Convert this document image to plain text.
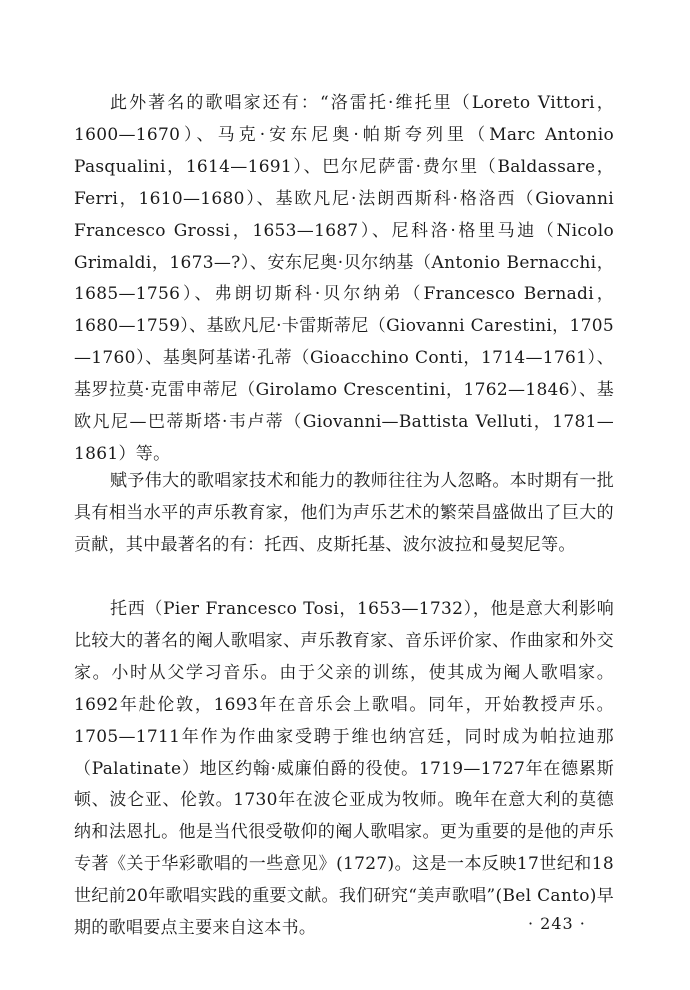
此外著名的歌唱家还有：“洛雷托·维托里（Loreto Vittori，1600—1670）、马克·安东尼奥·帕斯夸列里（Marc Antonio Pasqualini，1614—1691）、巴尔尼萨雷·费尔里（Baldassare，Ferri，1610—1680）、基欧凡尼·法朗西斯科·格洛西（Giovanni Francesco Grossi，1653—1687）、尼科洛·格里马迪（Nicolo Grimaldi，1673—?）、安东尼奥·贝尔纳基（Antonio Bernacchi，1685—1756）、弗朗切斯科·贝尔纳弟（Francesco Bernadi，1680—1759）、基欧凡尼·卡雷斯蒂尼（Giovanni Carestini，1705—1760）、基奥阿基诺·孔蒂（Gioacchino Conti，1714—1761）、基罗拉莫·克雷申蒂尼（Girolamo Crescentini，1762—1846）、基欧凡尼—巴蒂斯塔·韦卢蒂（Giovanni—Battista Velluti，1781—1861）等。

赋予伟大的歌唱家技术和能力的教师往往为人忽略。本时期有一批具有相当水平的声乐教育家，他们为声乐艺术的繁荣昌盛做出了巨大的贡献，其中最著名的有：托西、皮斯托基、波尔波拉和曼契尼等。

托西（Pier Francesco Tosi，1653—1732），他是意大利影响比较大的著名的阉人歌唱家、声乐教育家、音乐评价家、作曲家和外交家。小时从父学习音乐。由于父亲的训练，使其成为阉人歌唱家。1692年赴伦敦，1693年在音乐会上歌唱。同年，开始教授声乐。1705—1711年作为作曲家受聘于维也纳宫廷，同时成为帕拉迪那（Palatinate）地区约翰·威廉伯爵的役使。1719—1727年在德累斯顿、波仑亚、伦敦。1730年在波仑亚成为牧师。晚年在意大利的莫德纳和法恩扎。他是当代很受敬仰的阉人歌唱家。更为重要的是他的声乐专著《关于华彩歌唱的一些意见》(1727)。这是一本反映17世纪和18世纪前20年歌唱实践的重要文献。我们研究“美声歌唱”(Bel Canto)早期的歌唱要点主要来自这本书。	· 243 ·
